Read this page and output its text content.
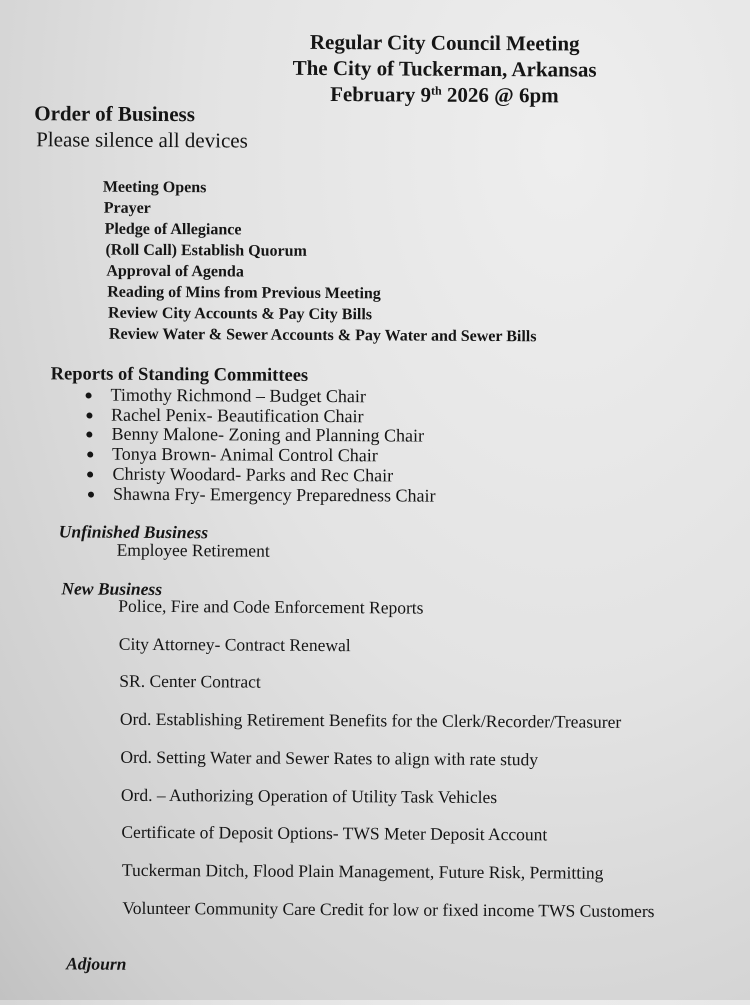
Regular City Council Meeting
The City of Tuckerman, Arkansas
February 9th 2026 @ 6pm
Order of Business
Please silence all devices
Meeting Opens
Prayer
Pledge of Allegiance
(Roll Call) Establish Quorum
Approval of Agenda
Reading of Mins from Previous Meeting
Review City Accounts & Pay City Bills
Review Water & Sewer Accounts & Pay Water and Sewer Bills
Reports of Standing Committees
Timothy Richmond – Budget Chair
Rachel Penix- Beautification Chair
Benny Malone- Zoning and Planning Chair
Tonya Brown- Animal Control Chair
Christy Woodard- Parks and Rec Chair
Shawna Fry- Emergency Preparedness Chair
Unfinished Business
Employee Retirement
New Business
Police, Fire and Code Enforcement Reports
City Attorney- Contract Renewal
SR. Center Contract
Ord. Establishing Retirement Benefits for the Clerk/Recorder/Treasurer
Ord. Setting Water and Sewer Rates to align with rate study
Ord. – Authorizing Operation of Utility Task Vehicles
Certificate of Deposit Options- TWS Meter Deposit Account
Tuckerman Ditch, Flood Plain Management, Future Risk, Permitting
Volunteer Community Care Credit for low or fixed income TWS Customers
Adjourn
